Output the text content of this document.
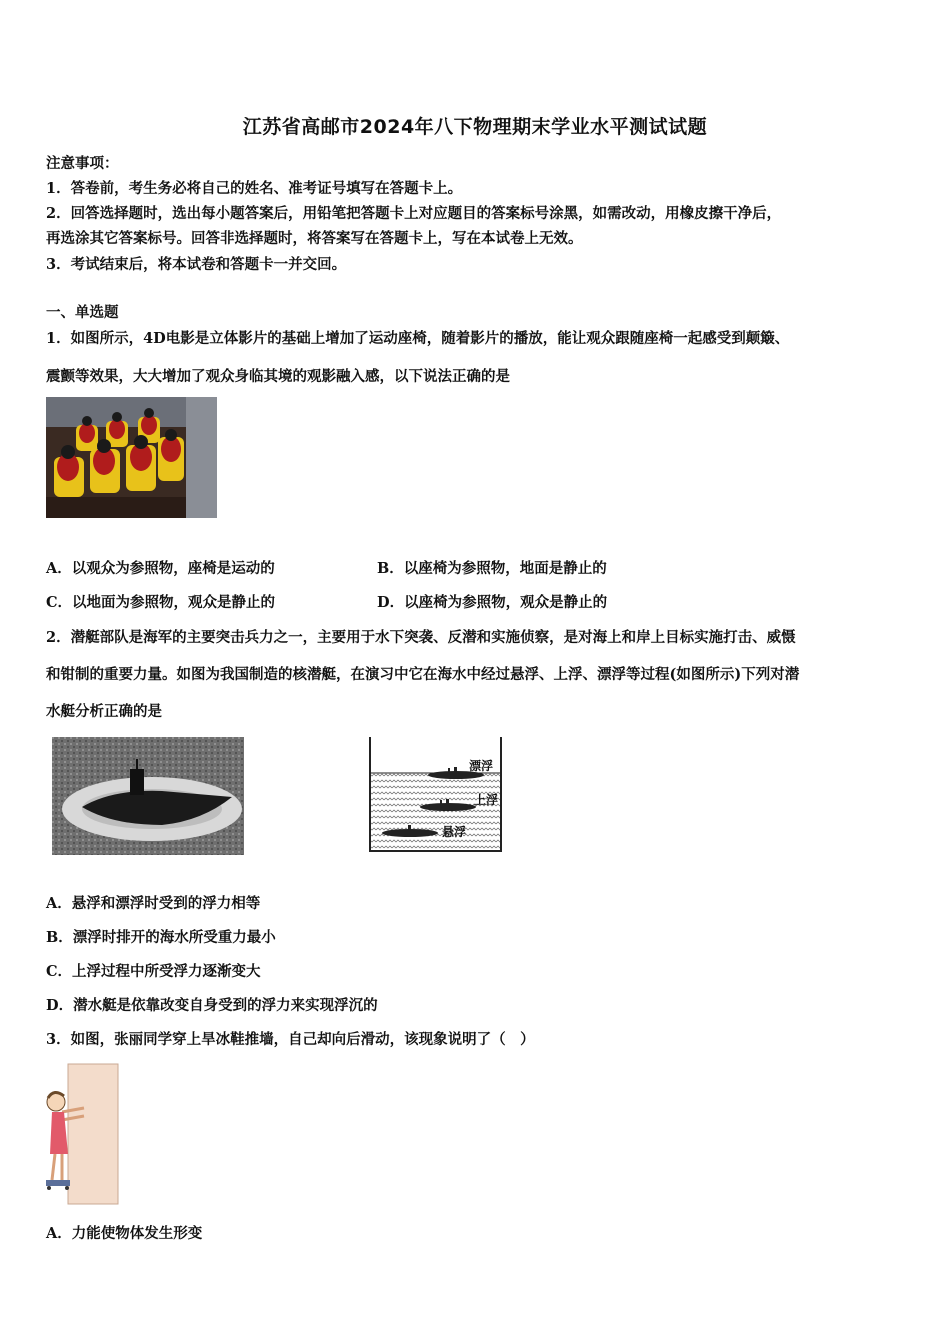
江苏省高邮市2024年八下物理期末学业水平测试试题
注意事项：
1．答卷前，考生务必将自己的姓名、准考证号填写在答题卡上。
2．回答选择题时，选出每小题答案后，用铅笔把答题卡上对应题目的答案标号涂黑，如需改动，用橡皮擦干净后，
再选涂其它答案标号。回答非选择题时，将答案写在答题卡上，写在本试卷上无效。
3．考试结束后，将本试卷和答题卡一并交回。
一、单选题
1．如图所示，4D电影是立体影片的基础上增加了运动座椅，随着影片的播放，能让观众跟随座椅一起感受到颠簸、
震颤等效果，大大增加了观众身临其境的观影融入感，以下说法正确的是
A．以观众为参照物，座椅是运动的	B．以座椅为参照物，地面是静止的
C．以地面为参照物，观众是静止的	D．以座椅为参照物，观众是静止的
2．潜艇部队是海军的主要突击兵力之一，主要用于水下突袭、反潜和实施侦察，是对海上和岸上目标实施打击、威慑
和钳制的重要力量。如图为我国制造的核潜艇，在演习中它在海水中经过悬浮、上浮、漂浮等过程(如图所示)下列对潜
水艇分析正确的是
漂浮
上浮
悬浮
A．悬浮和漂浮时受到的浮力相等
B．漂浮时排开的海水所受重力最小
C．上浮过程中所受浮力逐渐变大
D．潜水艇是依靠改变自身受到的浮力来实现浮沉的
3．如图，张丽同学穿上旱冰鞋推墙，自己却向后滑动，该现象说明了（　）
A．力能使物体发生形变
